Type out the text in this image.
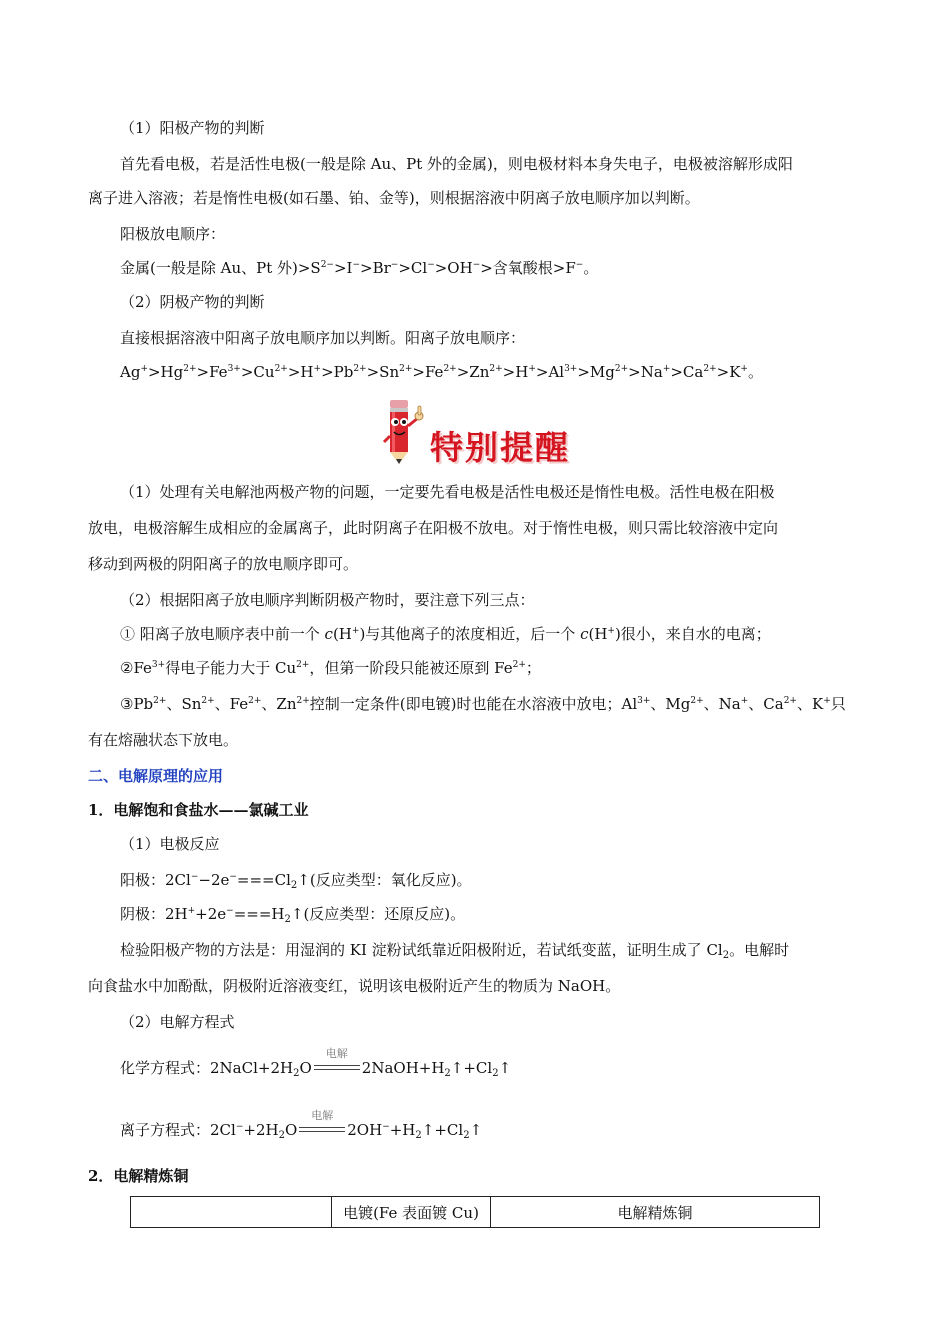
（1）阳极产物的判断
首先看电极，若是活性电极(一般是除 Au、Pt 外的金属)，则电极材料本身失电子，电极被溶解形成阳
离子进入溶液；若是惰性电极(如石墨、铂、金等)，则根据溶液中阴离子放电顺序加以判断。
阳极放电顺序：
金属(一般是除 Au、Pt 外)$>S^{2-}>I^->Br^->Cl^->OH^->$含氧酸根>F−。
（2）阴极产物的判断
直接根据溶液中阳离子放电顺序加以判断。阳离子放电顺序：
$Ag^+>Hg^{2+}>Fe^{3+}>Cu^{2+}>H^+>Pb^{2+}>Sn^{2+}>Fe^{2+}>Zn^{2+}>H^+>Al^{3+}>Mg^{2+}>Na^+>Ca^{2+}>K^+$。
特别提醒
（1）处理有关电解池两极产物的问题，一定要先看电极是活性电极还是惰性电极。活性电极在阳极
放电，电极溶解生成相应的金属离子，此时阴离子在阳极不放电。对于惰性电极，则只需比较溶液中定向
移动到两极的阴阳离子的放电顺序即可。
（2）根据阳离子放电顺序判断阴极产物时，要注意下列三点：
① 阳离子放电顺序表中前一个 c(H+)与其他离子的浓度相近，后一个 c(H+)很小，来自水的电离；
$②Fe^{3+}$得电子能力大于 $Cu^{2+}$，但第一阶段只能被还原到 $Fe^{2+}$；
$③Pb^{2+}$、$Sn^{2+}$、$Fe^{2+}$、$Zn^{2+}$控制一定条件(即电镀)时也能在水溶液中放电；$Al^{3+}$、$Mg^{2+}$、Na+、$Ca^{2+}$、K+只
有在熔融状态下放电。
二、电解原理的应用
1．电解饱和食盐水——氯碱工业
（1）电极反应
阳极：$2Cl^--2e^-===Cl_2↑$(反应类型：氧化反应)。
阴极：$2H^++2e^-===H_2↑$(反应类型：还原反应)。
检验阳极产物的方法是：用湿润的 KI 淀粉试纸靠近阳极附近，若试纸变蓝，证明生成了 $Cl_2$。电解时
向食盐水中加酚酞，阴极附近溶液变红，说明该电极附近产生的物质为 NaOH。
（2）电解方程式
化学方程式：$2NaCl+2H_2O$
电解
$2NaOH+H_2↑+Cl_2↑$
离子方程式：$2Cl^-+2H_2O$
电解
$2OH^-+H_2↑+Cl_2↑$
2．电解精炼铜
	电镀(Fe 表面镀 Cu)	电解精炼铜
